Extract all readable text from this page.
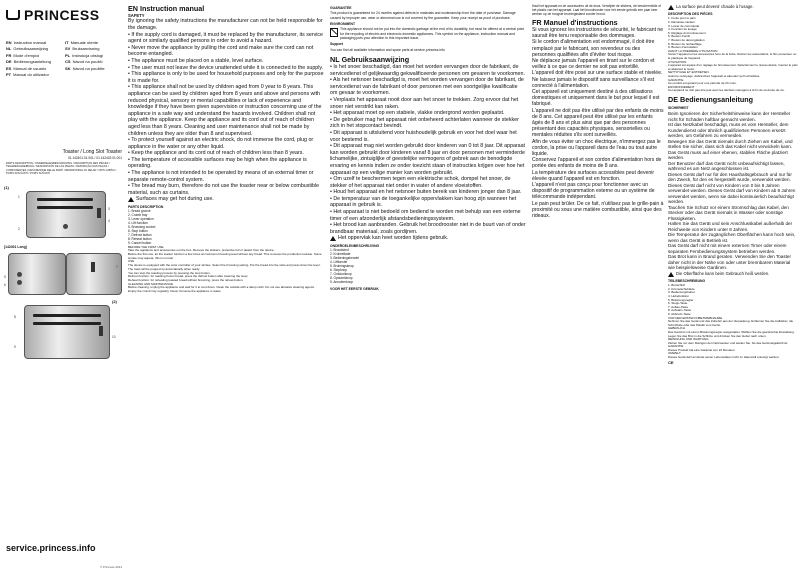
PRINCESS
EN Instruction manual	IT Manuale utente
NL Gebruiksaanwijzing	SV Bruksanvisning
FR Mode d'emploi	PL Instrukcja obsługi
DE Bedienungsanleitung	CS Návod na použití
ES Manual de usuario	SK Návod na použitie
PT Manual do utilizador
(1)
1
3
4
2
[142401 Long]
5
6
7
(2)
8
9
10
Toaster / Long Slot Toaster
01.142401.01.001 / 01.142402.01.001
PARTS DESCRIPTION / ONDERDELENBESCHRIJVING / DESCRIPTION DES PIÈCES / TEILEBESCHREIBUNG / DESCRIPCIÓN DE LAS PIEZAS / DESCRIÇÃO DAS PEÇAS / COMPONENTES / DESCRIZIONE DELLE PARTI / BESKRIVNING AV DELAR / OPIS CZĘŚCI / POPIS SOUČÁSTÍ / POPIS SÚČASTÍ
service.princess.info
© Princess 2014
EN Instruction manual
SAFETY

By ignoring the safety instructions the manufacturer can not be held responsible for the damage.

• If the supply cord is damaged, it must be replaced by the manufacturer, its service agent or similarly qualified persons in order to avoid a hazard.

• Never move the appliance by pulling the cord and make sure the cord can not become entangled.

• The appliance must be placed on a stable, level surface.

• The user must not leave the device unattended while it is connected to the supply.

• This appliance is only to be used for household purposes and only for the purpose it is made for.

• This appliance shall not be used by children aged from 0 year to 8 years. This appliance can be used by children aged from 8 years and above and persons with reduced physical, sensory or mental capabilities or lack of experience and knowledge if they have been given supervision or instruction concerning use of the appliance in a safe way and understand the hazards involved. Children shall not play with the appliance. Keep the appliance and its cord out of reach of children aged less than 8 years. Cleaning and user maintenance shall not be made by children unless they are older than 8 and supervised.

• To protect yourself against an electric shock, do not immerse the cord, plug or appliance in the water or any other liquid.

• Keep the appliance and its cord out of reach of children less than 8 years.

• The temperature of accessible surfaces may be high when the appliance is operating.

• The appliance is not intended to be operated by means of an external timer or separate remote-control system.

• The bread may burn, therefore do not use the toaster near or below combustible material, such as curtains.

Surfaces may get hot during use.
PARTS DESCRIPTION

1. Bread groove

2. Crumb tray

3. Lever operation

4. Lift function

5. Browning control

6. Stop button

7. Defrost button

8. Reheat button

9. Cancel button

BEFORE THE FIRST USE

Take the appliance and accessories out the box. Remove the stickers, protective foil or plastic from the device.

Before the first use, let the toaster function a few times at maximum browning level without any bread. This removes the production residue. Some smoke may appear, this is normal.

USE

The device is equipped with the color controller of your wishes. Select the browning setting. Put the bread into the slots and press down the lever. The toast will be popped up automatically when ready.

You can stop the toasting process by pressing the stop button.

Defrost function: for toasting frozen bread, press the defrost button after lowering the lever.

Reheat function: for reheating toasted bread without browning, press the reheat button.

CLEANING AND MAINTENANCE

Before cleaning, unplug the appliance and wait for it to cool down. Clean the outside with a damp cloth. Do not use abrasive cleaning agents. Empty the crumb tray regularly. Never immerse the appliance in water.

GUARANTEE

This product is guaranteed for 24 months against defects in materials and workmanship from the date of purchase. Damage caused by improper use, wear or abnormal use is not covered by the guarantee. Keep your receipt as proof of purchase.

ENVIRONMENT

This appliance should not be put into the domestic garbage at the end of its durability, but must be offered at a central point for the recycling of electric and electronic domestic appliances. This symbol on the appliance, instruction manual and packaging puts your attention to this important issue.

Support

You can find all available information and spare parts at service.princess.info

NL Gebruiksaanwijzing

• Is het snoer beschadigd, dan moet het worden vervangen door de fabrikant, de servicedienst of gelijkwaardig gekwalificeerde personen om gevaren te voorkomen.

• Als het netsnoer beschadigd is, moet het worden vervangen door de fabrikant, de servicedienst van de fabrikant of door personen met een soortgelijke kwalificatie om gevaar te voorkomen.

• Verplaats het apparaat nooit door aan het snoer te trekken. Zorg ervoor dat het snoer niet verstrikt kan raken.

• Het apparaat moet op een stabiele, vlakke ondergrond worden geplaatst.

• De gebruiker mag het apparaat niet onbeheerd achterlaten wanneer de stekker zich in het stopcontact bevindt.

• Dit apparaat is uitsluitend voor huishoudelijk gebruik en voor het doel waar het voor bestemd is.

• Dit apparaat mag niet worden gebruikt door kinderen van 0 tot 8 jaar. Dit apparaat kan worden gebruikt door kinderen vanaf 8 jaar en door personen met verminderde lichamelijke, zintuiglijke of geestelijke vermogens of gebrek aan de benodigde ervaring en kennis indien ze onder toezicht staan of instructies krijgen over hoe het apparaat op een veilige manier kan worden gebruikt.

• Om uzelf te beschermen tegen een elektrische schok, dompel het snoer, de stekker of het apparaat niet onder in water of andere vloeistoffen.

• Houd het apparaat en het netsnoer buiten bereik van kinderen jonger dan 8 jaar.

• De temperatuur van de toegankelijke oppervlakken kan hoog zijn wanneer het apparaat in gebruik is.

• Het apparaat is niet bedoeld om bediend te worden met behulp van een externe timer of een afzonderlijk afstandsbedieningssysteem.

• Het brood kan aanbranden. Gebruik het broodrooster niet in de buurt van of onder brandbaar materiaal, zoals gordijnen.

Het oppervlak kan heet worden tijdens gebruik.
ONDERDELENBESCHRIJVING

1. Broodsleuf

2. Kruimellade

3. Bedieningshendel

4. Liftfunctie

5. Bruiningsknop

6. Stopknop

7. Ontdooiknop

8. Opwarmknop

9. Annuleerknop

VOOR HET EERSTE GEBRUIK

Haal het apparaat en de accessoires uit de doos. Verwijder de stickers, de beschermfolie of het plastic van het apparaat. Laat het broodrooster voor het eerste gebruik een paar keer werken op de hoogste bruiningsstand zonder brood.

FR Manuel d'instructions

Si vous ignorez les instructions de sécurité, le fabricant ne saurait être tenu responsable des dommages.

Si le cordon d'alimentation est endommagé, il doit être remplacé par le fabricant, son revendeur ou des personnes qualifiées afin d'éviter tout risque.

Ne déplacez jamais l'appareil en tirant sur le cordon et veillez à ce que ce dernier ne soit pas entortillé.

L'appareil doit être posé sur une surface stable et nivelée.

Ne laissez jamais le dispositif sans surveillance s'il est connecté à l'alimentation.

Cet appareil est uniquement destiné à des utilisations domestiques et uniquement dans le but pour lequel il est fabriqué.

L'appareil ne doit pas être utilisé par des enfants de moins de 8 ans. Cet appareil peut être utilisé par les enfants âgés de 8 ans et plus ainsi que par des personnes présentant des capacités physiques, sensorielles ou mentales réduites s'ils sont surveillés.

Afin de vous éviter un choc électrique, n'immergez pas le cordon, la prise ou l'appareil dans de l'eau ou tout autre liquide.

Conservez l'appareil et son cordon d'alimentation hors de portée des enfants de moins de 8 ans.

La température des surfaces accessibles peut devenir élevée quand l'appareil est en fonction.

L'appareil n'est pas conçu pour fonctionner avec un dispositif de programmation externe ou un système de télécommande indépendant.

Le pain peut brûler. De ce fait, n'utilisez pas le grille-pain à proximité ou sous une matière combustible, ainsi que des rideaux.

La surface peut devenir chaude à l'usage.
DESCRIPTION DES PIÈCES

1. Fente pour le pain

2. Ramasse-miettes

3. Levier de commande

4. Fonction de levage

5. Réglage du brunissement

6. Bouton d'arrêt

7. Bouton de décongélation

8. Bouton de réchauffage

9. Bouton d'annulation

AVANT LA PREMIÈRE UTILISATION

Sortez l'appareil et les accessoires hors de la boîte. Retirez les autocollants, le film protecteur ou le plastique de l'appareil.

UTILISATION

L'appareil est équipé d'un réglage de brunissement. Sélectionnez le niveau désiré. Insérez le pain et abaissez le levier.

NETTOYAGE ET ENTRETIEN

Avant le nettoyage, débranchez l'appareil et attendez qu'il refroidisse.

GARANTIE

Ce produit est garanti pour une période de 24 mois.

ENVIRONNEMENT

Cet appareil ne doit pas être jeté avec les déchets ménagers à la fin de sa durée de vie.

DE Bedienungsanleitung
SICHERHEIT

Beim Ignorieren der Sicherheitshinweise kann der Hersteller nicht für Schäden haftbar gemacht werden.

Ist das Netzkabel beschädigt, muss es vom Hersteller, dem Kundendienst oder ähnlich qualifizierten Personen ersetzt werden, um Gefahren zu vermeiden.

Bewegen Sie das Gerät niemals durch Ziehen am Kabel, und stellen Sie sicher, dass sich das Kabel nicht verwickeln kann.

Das Gerät muss auf einer ebenen, stabilen Fläche platziert werden.

Der Benutzer darf das Gerät nicht unbeaufsichtigt lassen, während es am Netz angeschlossen ist.

Dieses Gerät darf nur für den Haushaltsgebrauch und nur für den Zweck, für den es hergestellt wurde, verwendet werden.

Dieses Gerät darf nicht von Kindern von 0 bis 8 Jahren verwendet werden. Dieses Gerät darf von Kindern ab 8 Jahren verwendet werden, wenn sie dabei kontinuierlich beaufsichtigt werden.

Tauchen Sie Schutz vor einem Stromschlag das Kabel, den Stecker oder das Gerät niemals in Wasser oder sonstige Flüssigkeiten.

Halten Sie das Gerät und sein Anschlusskabel außerhalb der Reichweite von Kindern unter 8 Jahren.

Die Temperatur der zugänglichen Oberflächen kann hoch sein, wenn das Gerät in Betrieb ist.

Das Gerät darf nicht mit einem externen Timer oder einem separaten Fernbedienungssystem betrieben werden.

Das Brot kann in Brand geraten. Verwenden Sie den Toaster daher nicht in der Nähe von oder unter brennbarem Material wie beispielsweise Gardinen.

Die Oberfläche kann beim Gebrauch heiß werden.
TEILEBESCHREIBUNG

1. Brotschlitz

2. Krümelschublade

3. Bedienungshebel

4. Hebefunktion

5. Bräunungsregler

6. Stopp-Taste

7. Auftau-Taste

8. Aufwärm-Taste

9. Abbruch-Taste

VOR DER ERSTEN INBETRIEBNAHME

Nehmen Sie das Gerät und das Zubehör aus der Verpackung. Entfernen Sie die Aufkleber, die Schutzfolie oder das Plastik vom Gerät.

GEBRAUCH

Das Gerät ist mit einem Bräunungsregler ausgestattet. Wählen Sie die gewünschte Einstellung. Legen Sie das Brot in die Schlitze und drücken Sie den Hebel nach unten.

REINIGUNG UND WARTUNG

Ziehen Sie vor dem Reinigen den Netzstecker und warten Sie, bis das Gerät abgekühlt ist.

GARANTIE

Dieses Produkt hat eine Garantie von 24 Monaten.

UMWELT

Dieses Gerät darf am Ende seiner Lebensdauer nicht im Hausmüll entsorgt werden.

CE
